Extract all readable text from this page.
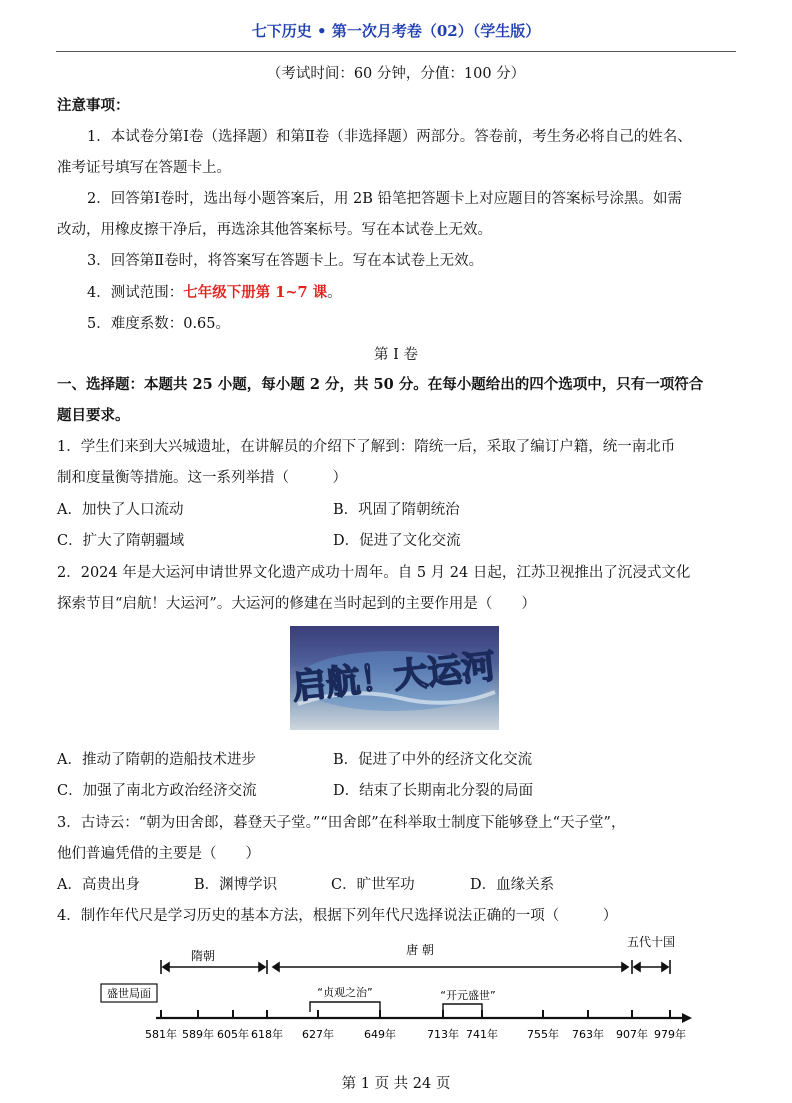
七下历史 • 第一次月考卷（02）（学生版）
（考试时间：60 分钟，分值：100 分）
注意事项：
1．本试卷分第Ⅰ卷（选择题）和第Ⅱ卷（非选择题）两部分。答卷前，考生务必将自己的姓名、
准考证号填写在答题卡上。
2．回答第Ⅰ卷时，选出每小题答案后，用 2B 铅笔把答题卡上对应题目的答案标号涂黑。如需
改动，用橡皮擦干净后，再选涂其他答案标号。写在本试卷上无效。
3．回答第Ⅱ卷时，将答案写在答题卡上。写在本试卷上无效。
4．测试范围：七年级下册第 1~7 课。
5．难度系数：0.65。
第 I 卷
一、选择题：本题共 25 小题，每小题 2 分，共 50 分。在每小题给出的四个选项中，只有一项符合
题目要求。
1．学生们来到大兴城遗址，在讲解员的介绍下了解到：隋统一后，采取了编订户籍，统一南北币
制和度量衡等措施。这一系列举措（　　　）
A．加快了人口流动	B．巩固了隋朝统治
C．扩大了隋朝疆域	D．促进了文化交流
2．2024 年是大运河申请世界文化遗产成功十周年。自 5 月 24 日起，江苏卫视推出了沉浸式文化
探索节目“启航！大运河”。大运河的修建在当时起到的主要作用是（　　）
启航！大运河
A．推动了隋朝的造船技术进步	B．促进了中外的经济文化交流
C．加强了南北方政治经济交流	D．结束了长期南北分裂的局面
3．古诗云：“朝为田舍郎，暮登天子堂。”“田舍郎”在科举取士制度下能够登上“天子堂”，
他们普遍凭借的主要是（　　）
A．高贵出身	B．渊博学识	C．旷世军功	D．血缘关系
4．制作年代尺是学习历史的基本方法，根据下列年代尺选择说法正确的一项（　　　）
隋朝	唐 朝
五代十国
盛世局面	“贞观之治”	“开元盛世”
581年 589年 605年 618年 627年	649年	713年 741年	755年 763年 907年 979年
第 1 页 共 24 页
